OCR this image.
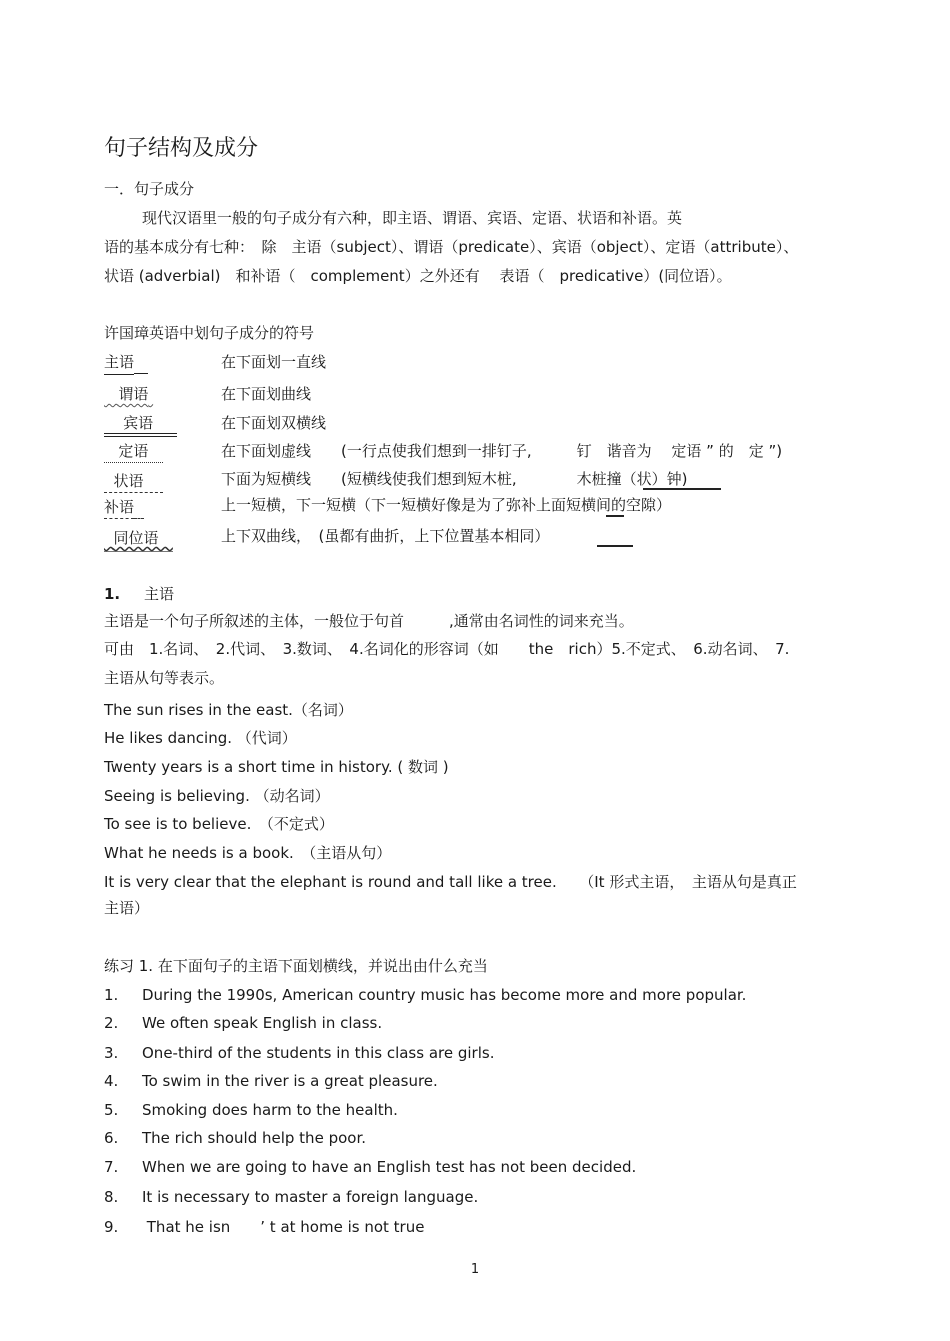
句子结构及成分
一．句子成分
现代汉语里一般的句子成分有六种，即主语、谓语、宾语、定语、状语和补语。英
语的基本成分有七种：　除　主语（subject）、谓语（predicate）、宾语（object）、定语（attribute）、
状语 (adverbial)　和补语（　complement）之外还有　 表语（　predicative）(同位语）。
许国璋英语中划句子成分的符号
主语	在下面划一直线
谓语	在下面划曲线
宾语	在下面划双横线
定语	在下面划虚线　　(一行点使我们想到一排钉子,　　　钉　谐音为　 定语 ” 的　定 ”)
状语	下面为短横线　　(短横线使我们想到短木桩,　　　　木桩撞（状）钟)
补语	上一短横，下一短横（下一短横好像是为了弥补上面短横间的空隙）
同位语	上下双曲线，　(虽都有曲折，上下位置基本相同）
1. 主语
主语是一个句子所叙述的主体，一般位于句首　　　,通常由名词性的词来充当。
可由　1.名词、　2.代词、　3.数词、　4.名词化的形容词（如　　the　rich）5.不定式、　6.动名词、　7.
主语从句等表示。
The sun rises in the east.（名词）
He likes dancing. （代词）
Twenty years is a short time in history. ( 数词 )
Seeing is believing. （动名词）
To see is to believe.　（不定式）
What he needs is a book.　（主语从句）
It is very clear that the elephant is round and tall like a tree.　　（It 形式主语，　主语从句是真正
主语）
练习 1. 在下面句子的主语下面划横线，并说出由什么充当
1. During the 1990s, American country music has become more and more popular.
2. We often speak English in class.
3. One-third of the students in this class are girls.
4. To swim in the river is a great pleasure.
5. Smoking does harm to the health.
6. The rich should help the poor.
7. When we are going to have an English test has not been decided.
8. It is necessary to master a foreign language.
9. That he isn　　’ t at home is not true
1
